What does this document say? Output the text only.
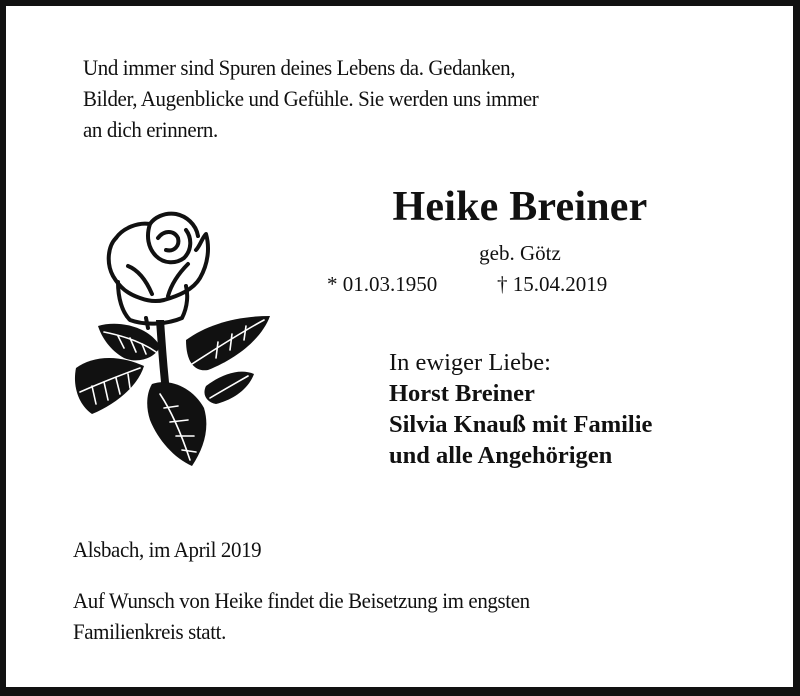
Und immer sind Spuren deines Lebens da. Gedanken,
Bilder, Augenblicke und Gefühle. Sie werden uns immer
an dich erinnern.
Heike Breiner
geb. Götz
* 01.03.1950	† 15.04.2019
In ewiger Liebe:
Horst Breiner
Silvia Knauß mit Familie
und alle Angehörigen
Alsbach, im April 2019
Auf Wunsch von Heike findet die Beisetzung im engsten
Familienkreis statt.
